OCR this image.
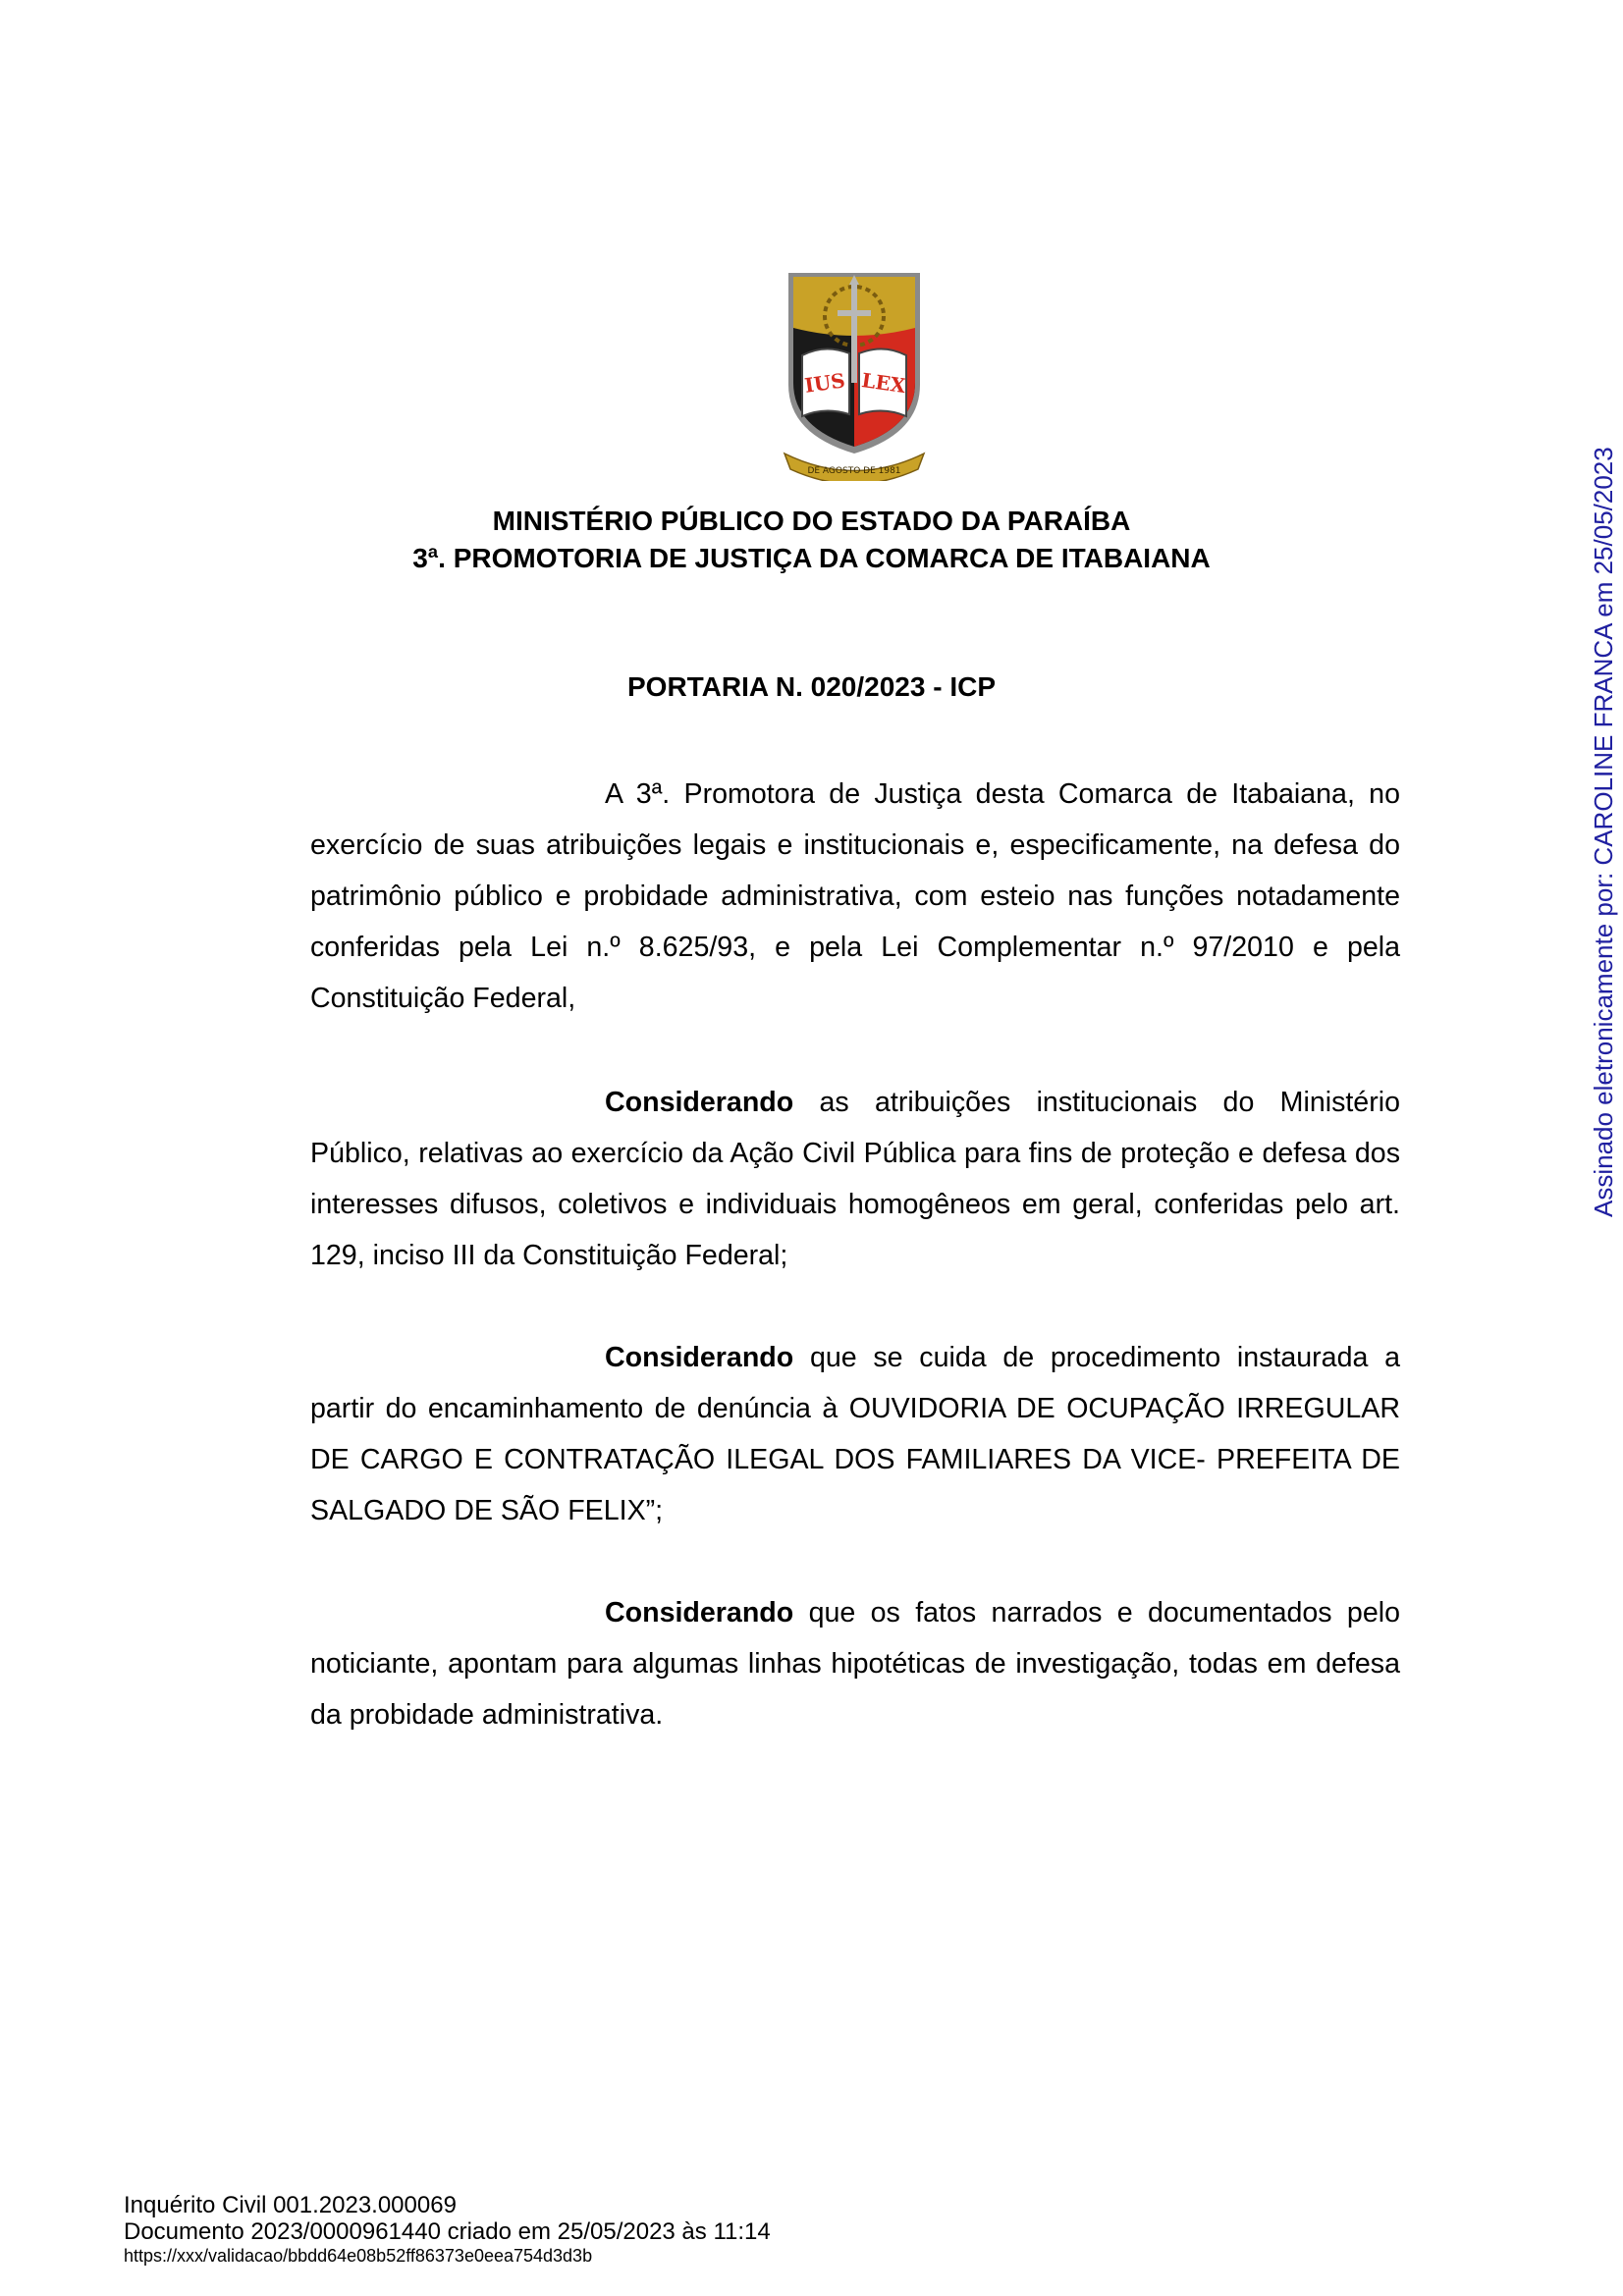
IUS LEX
DE AGOSTO DE 1981
MINISTÉRIO PÚBLICO DO ESTADO DA PARAÍBA
3ª. PROMOTORIA DE JUSTIÇA DA COMARCA DE ITABAIANA
PORTARIA N. 020/2023 - ICP

A 3ª. Promotora de Justiça desta Comarca de Itabaiana, no exercício de suas atribuições legais e institucionais e, especificamente, na defesa do patrimônio público e probidade administrativa, com esteio nas funções notadamente conferidas pela Lei n.º 8.625/93, e pela Lei Complementar n.º 97/2010 e pela Constituição Federal,

Considerando as atribuições institucionais do Ministério Público, relativas ao exercício da Ação Civil Pública para fins de proteção e defesa dos interesses difusos, coletivos e individuais homogêneos em geral, conferidas pelo art. 129, inciso III da Constituição Federal;

Considerando que se cuida de procedimento instaurada a partir do encaminhamento de denúncia à OUVIDORIA DE OCUPAÇÃO IRREGULAR DE CARGO E CONTRATAÇÃO ILEGAL DOS FAMILIARES DA VICE- PREFEITA DE SALGADO DE SÃO FELIX”;

Considerando que os fatos narrados e documentados pelo noticiante, apontam para algumas linhas hipotéticas de investigação, todas em defesa da probidade administrativa.

Assinado eletronicamente por: CAROLINE FRANCA em 25/05/2023
Inquérito Civil 001.2023.000069
Documento 2023/0000961440 criado em 25/05/2023 às 11:14
https://xxx/validacao/bbdd64e08b52ff86373e0eea754d3d3b
